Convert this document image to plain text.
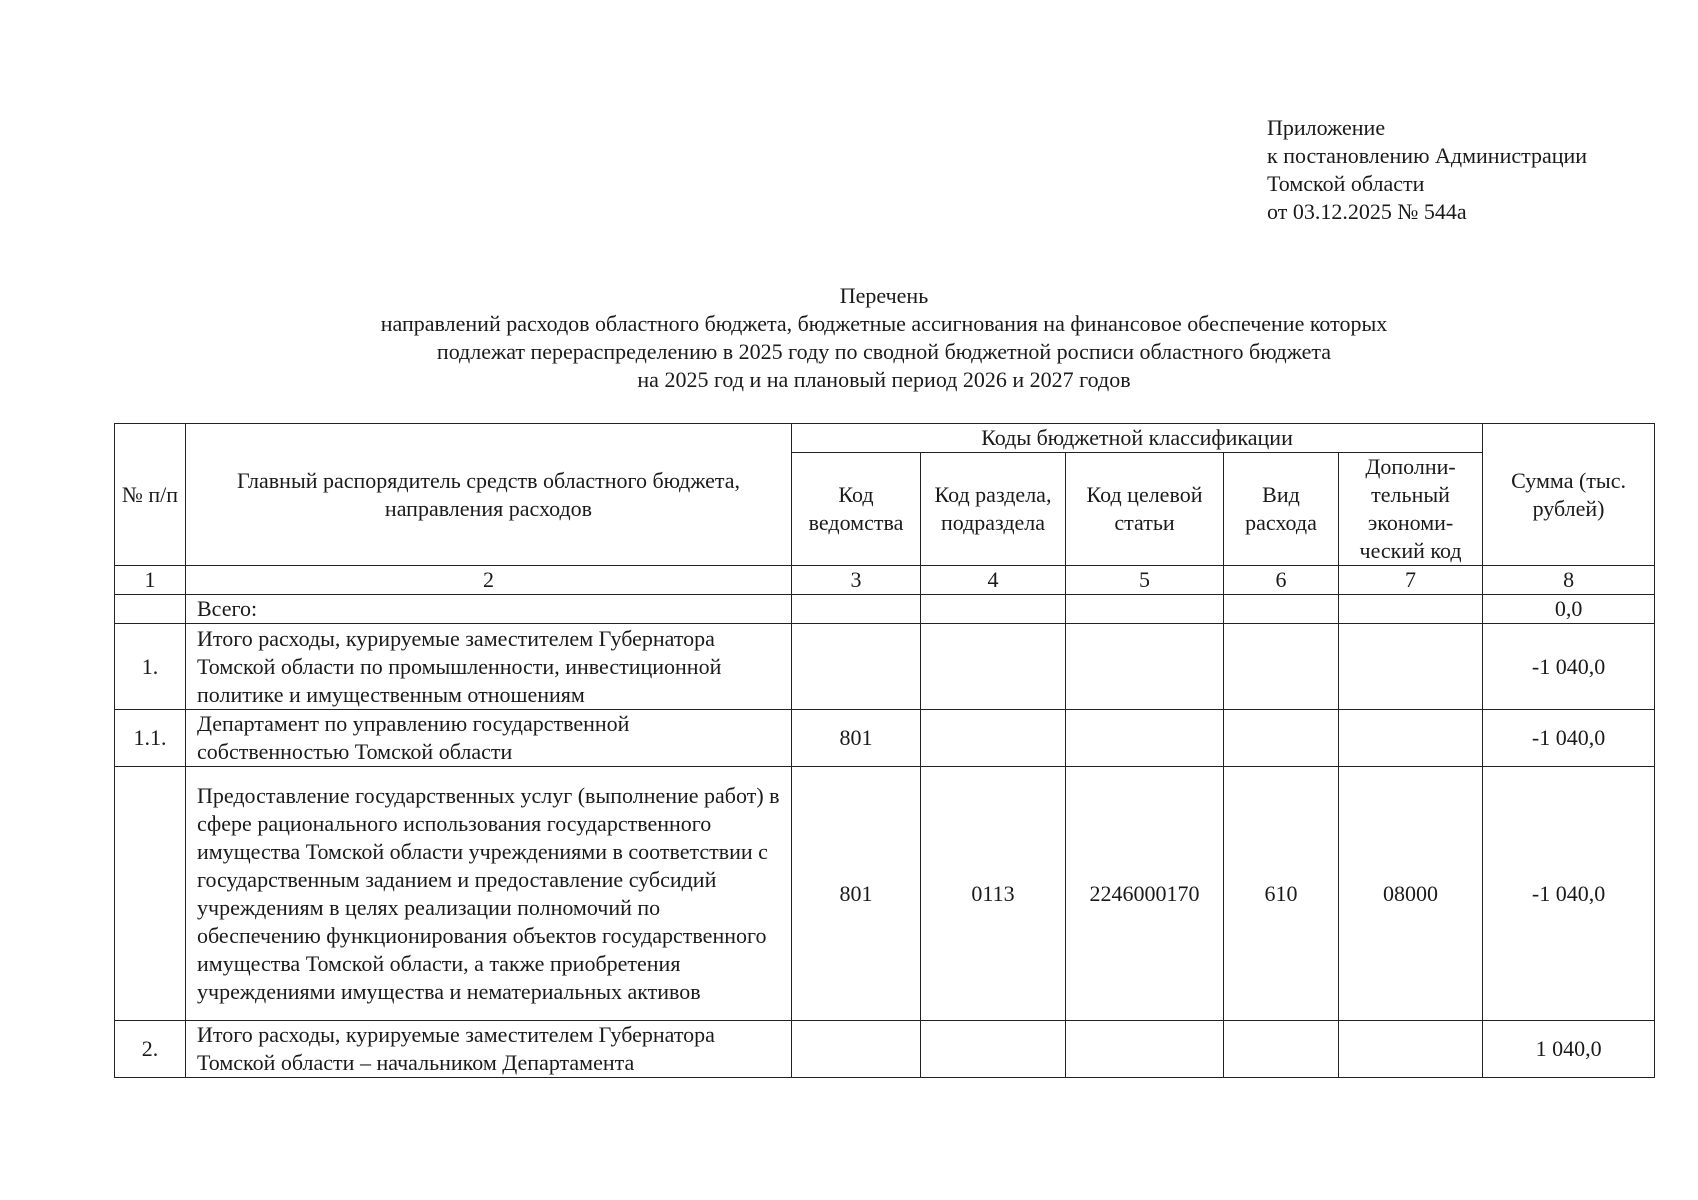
Приложение
к постановлению Администрации
Томской области
от 03.12.2025 № 544а
Перечень
направлений расходов областного бюджета, бюджетные ассигнования на финансовое обеспечение которых
подлежат перераспределению в 2025 году по сводной бюджетной росписи областного бюджета
на 2025 год и на плановый период 2026 и 2027 годов
№ п/п	Главный распорядитель средств областного бюджета, направления расходов	Коды бюджетной классификации					Сумма (тыс. рублей)
		Код ведомства	Код раздела, подраздела	Код целевой статьи	Вид расхода	Дополни-тельный экономи-ческий код	
1	2	3	4	5	6	7	8
	Всего:						0,0
1.	Итого расходы, курируемые заместителем Губернатора Томской области по промышленности, инвестиционной политике и имущественным отношениям						-1 040,0
1.1.	Департамент по управлению государственной собственностью Томской области	801					-1 040,0
	Предоставление государственных услуг (выполнение работ) в сфере рационального использования государственного имущества Томской области учреждениями в соответствии с государственным заданием и предоставление субсидий учреждениям в целях реализации полномочий по обеспечению функционирования объектов государственного имущества Томской области, а также приобретения учреждениями имущества и нематериальных активов	801	0113	2246000170	610	08000	-1 040,0
2.	Итого расходы, курируемые заместителем Губернатора Томской области – начальником Департамента						1 040,0
